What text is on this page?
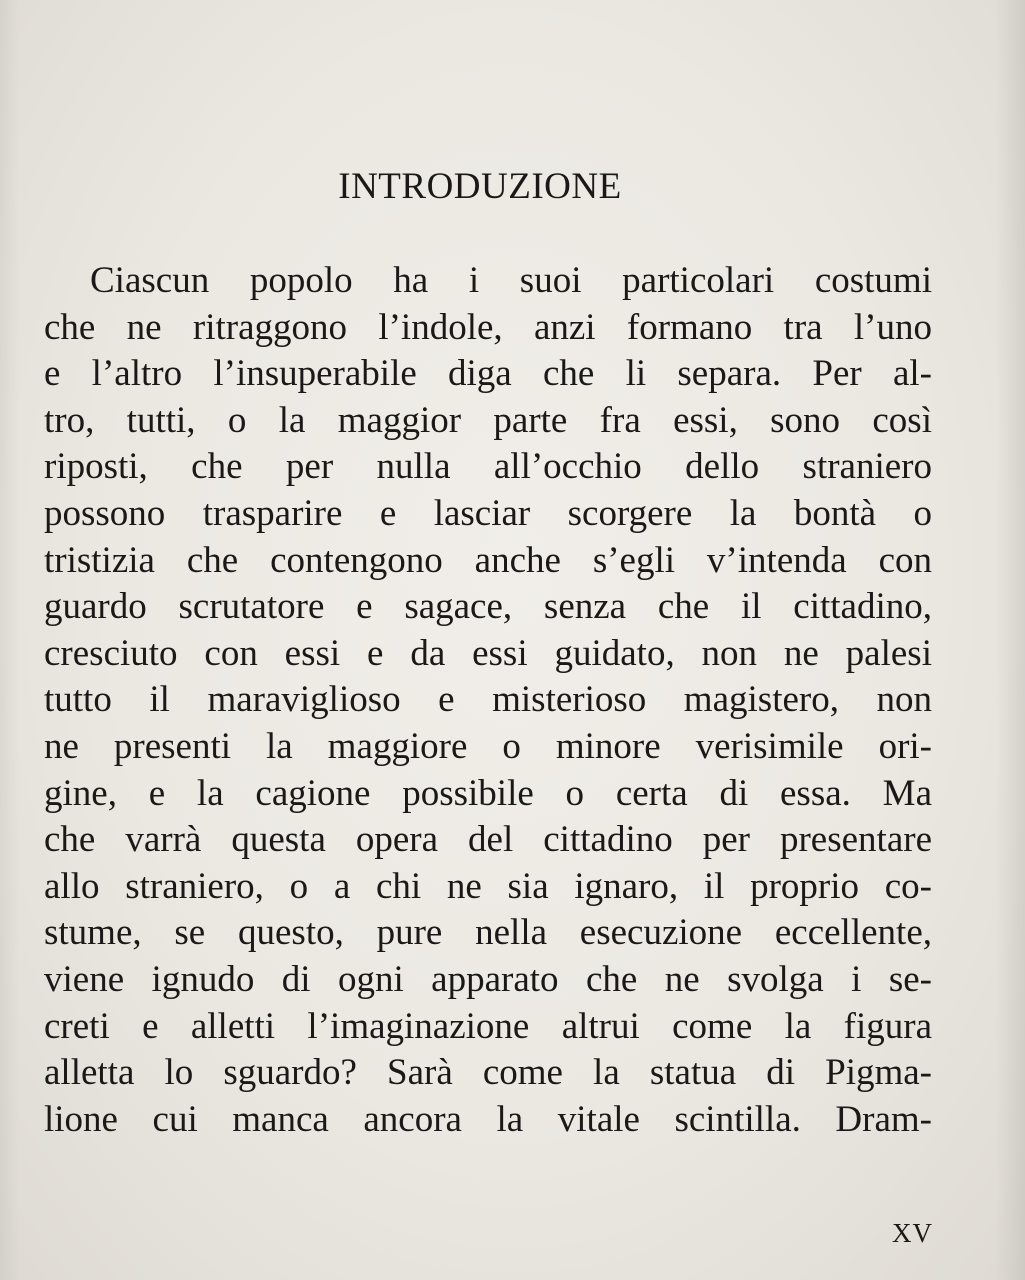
INTRODUZIONE
Ciascun popolo ha i suoi particolari costumi
che ne ritraggono l’indole, anzi formano tra l’uno
e l’altro l’insuperabile diga che li separa. Per al-
tro, tutti, o la maggior parte fra essi, sono così
riposti, che per nulla all’occhio dello straniero
possono trasparire e lasciar scorgere la bontà o
tristizia che contengono anche s’egli v’intenda con
guardo scrutatore e sagace, senza che il cittadino,
cresciuto con essi e da essi guidato, non ne palesi
tutto il maraviglioso e misterioso magistero, non
ne presenti la maggiore o minore verisimile ori-
gine, e la cagione possibile o certa di essa. Ma
che varrà questa opera del cittadino per presentare
allo straniero, o a chi ne sia ignaro, il proprio co-
stume, se questo, pure nella esecuzione eccellente,
viene ignudo di ogni apparato che ne svolga i se-
creti e alletti l’imaginazione altrui come la figura
alletta lo sguardo? Sarà come la statua di Pigma-
lione cui manca ancora la vitale scintilla. Dram-
XV
